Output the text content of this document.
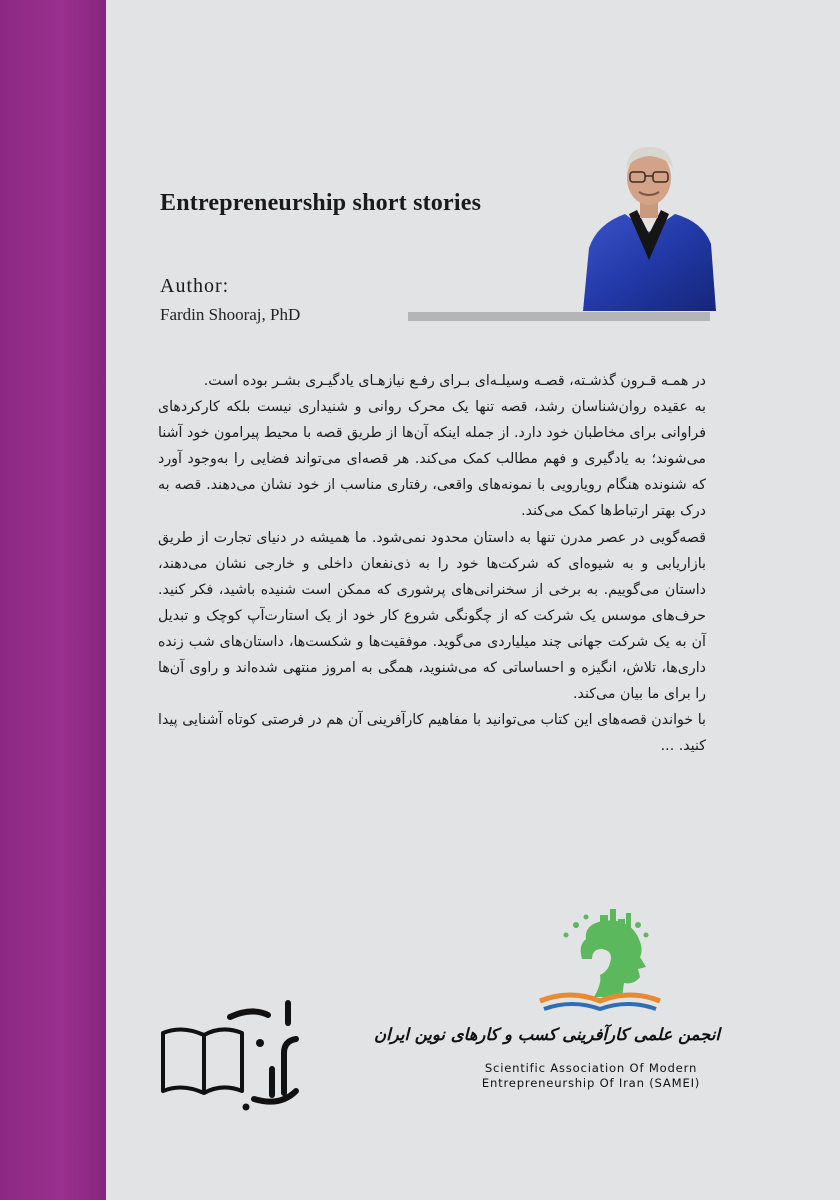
Entrepreneurship short stories
Author:
Fardin Shooraj, PhD

در همـه قـرون گذشـته، قصـه وسیلـه‌ای بـرای رفـع نیازهـای یادگیـری بشـر بوده است.

به عقیده روان‌شناسان رشد، قصه تنها یک محرک روانی و شنیداری نیست بلکه کارکردهای فراوانی برای مخاطبان خود دارد. از جمله اینکه آن‌ها از طریق قصه با محیط پیرامون خود آشنا می‌شوند؛ به یادگیری و فهم مطالب کمک می‌کند. هر قصه‌ای می‌تواند فضایی را به‌وجود آورد که شنونده هنگام رویارویی با نمونه‌های واقعی، رفتاری مناسب از خود نشان می‌دهند. قصه به درک بهتر ارتباط‌ها کمک می‌کند.

قصه‌گویی در عصر مدرن تنها به داستان محدود نمی‌شود. ما همیشه در دنیای تجارت از طریق بازاریابی و به شیوه‌ای که شرکت‌ها خود را به ذی‌نفعان داخلی و خارجی نشان می‌دهند، داستان می‌گوییم. به برخی از سخنرانی‌های پرشوری که ممکن است شنیده باشید، فکر کنید. حرف‌های موسس یک شرکت که از چگونگی شروع کار خود از یک استارت‌آپ کوچک و تبدیل آن به یک شرکت جهانی چند میلیاردی می‌گوید. موفقیت‌ها و شکست‌ها، داستان‌های شب زنده داری‌ها، تلاش، انگیزه و احساساتی که می‌شنوید، همگی به امروز منتهی شده‌اند و راوی آن‌ها را برای ما بیان می‌کند.

با خواندن قصه‌های این کتاب می‌توانید با مفاهیم کارآفرینی آن هم در فرصتی کوتاه آشنایی پیدا کنید. ...

انجمن علمی کارآفرینی کسب و کارهای نوین ایران
Scientific Association Of Modern
Entrepreneurship Of Iran (SAMEI)
